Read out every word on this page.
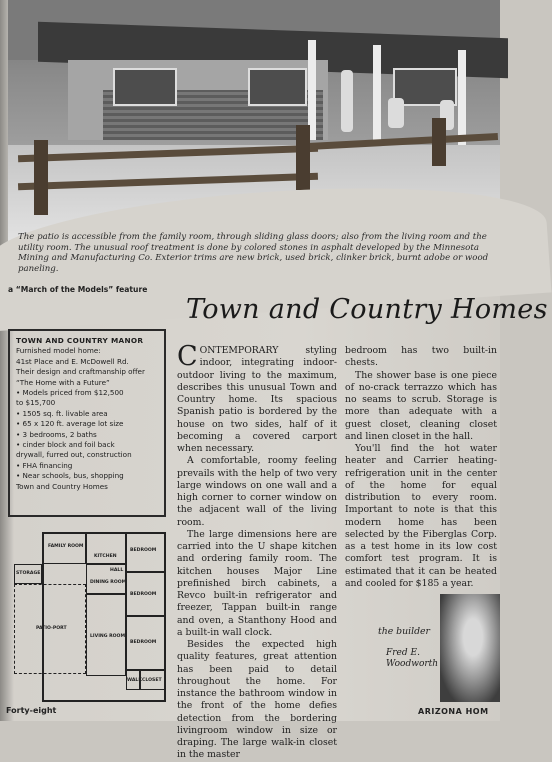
The patio is accessible from the family room, through sliding glass doors; also from the living room and the utility room. The unusual roof treatment is done by colored stones in asphalt developed by the Minnesota Mining and Manufacturing Co. Exterior trims are new brick, used brick, clinker brick, burnt adobe or wood paneling.
a “March of the Models” feature
Town and Country Homes
TOWN AND COUNTRY MANOR
Furnished model home:
41st Place and E. McDowell Rd.
Their design and craftmanship offer
“The Home with a Future”
• Models priced from $12,500
to $15,700
• 1505 sq. ft. livable area
• 65 x 120 ft. average lot size
• 3 bedrooms, 2 baths
• cinder block and foil back
drywall, furred out, construction
• FHA financing
• Near schools, bus, shopping
Town and Country Homes
FAMILY ROOM
KITCHEN
BEDROOM
STORAGE
HALL
DINING ROOM
BEDROOM
PATIO-PORT
LIVING ROOM
BEDROOM
WALK CLOSET

CONTEMPORARY styling indoor, integrating indoor-outdoor living to the maximum, describes this unusual Town and Country home. Its spacious Spanish patio is bordered by the house on two sides, half of it becoming a covered carport when necessary.

A comfortable, roomy feeling prevails with the help of two very large windows on one wall and a high corner to corner window on the adjacent wall of the living room.

The large dimensions here are carried into the U shape kitchen and ordering family room. The kitchen houses Major Line prefinished birch cabinets, a Revco built-in refrigerator and freezer, Tappan built-in range and oven, a Stanthony Hood and a built-in wall clock.

Besides the expected high quality features, great attention has been paid to detail throughout the home. For instance the bathroom window in the front of the home defies detection from the bordering livingroom window in size or draping. The large walk-in closet in the master

bedroom has two built-in chests.

The shower base is one piece of no-crack terrazzo which has no seams to scrub. Storage is more than adequate with a guest closet, cleaning closet and linen closet in the hall.

You'll find the hot water heater and Carrier heating-refrigeration unit in the center of the home for equal distribution to every room. Important to note is that this modern home has been selected by the Fiberglas Corp. as a test home in its low cost comfort test program. It is estimated that it can be heated and cooled for $185 a year.

the builder
Fred E.
Woodworth
Forty-eight	ARIZONA HOM
